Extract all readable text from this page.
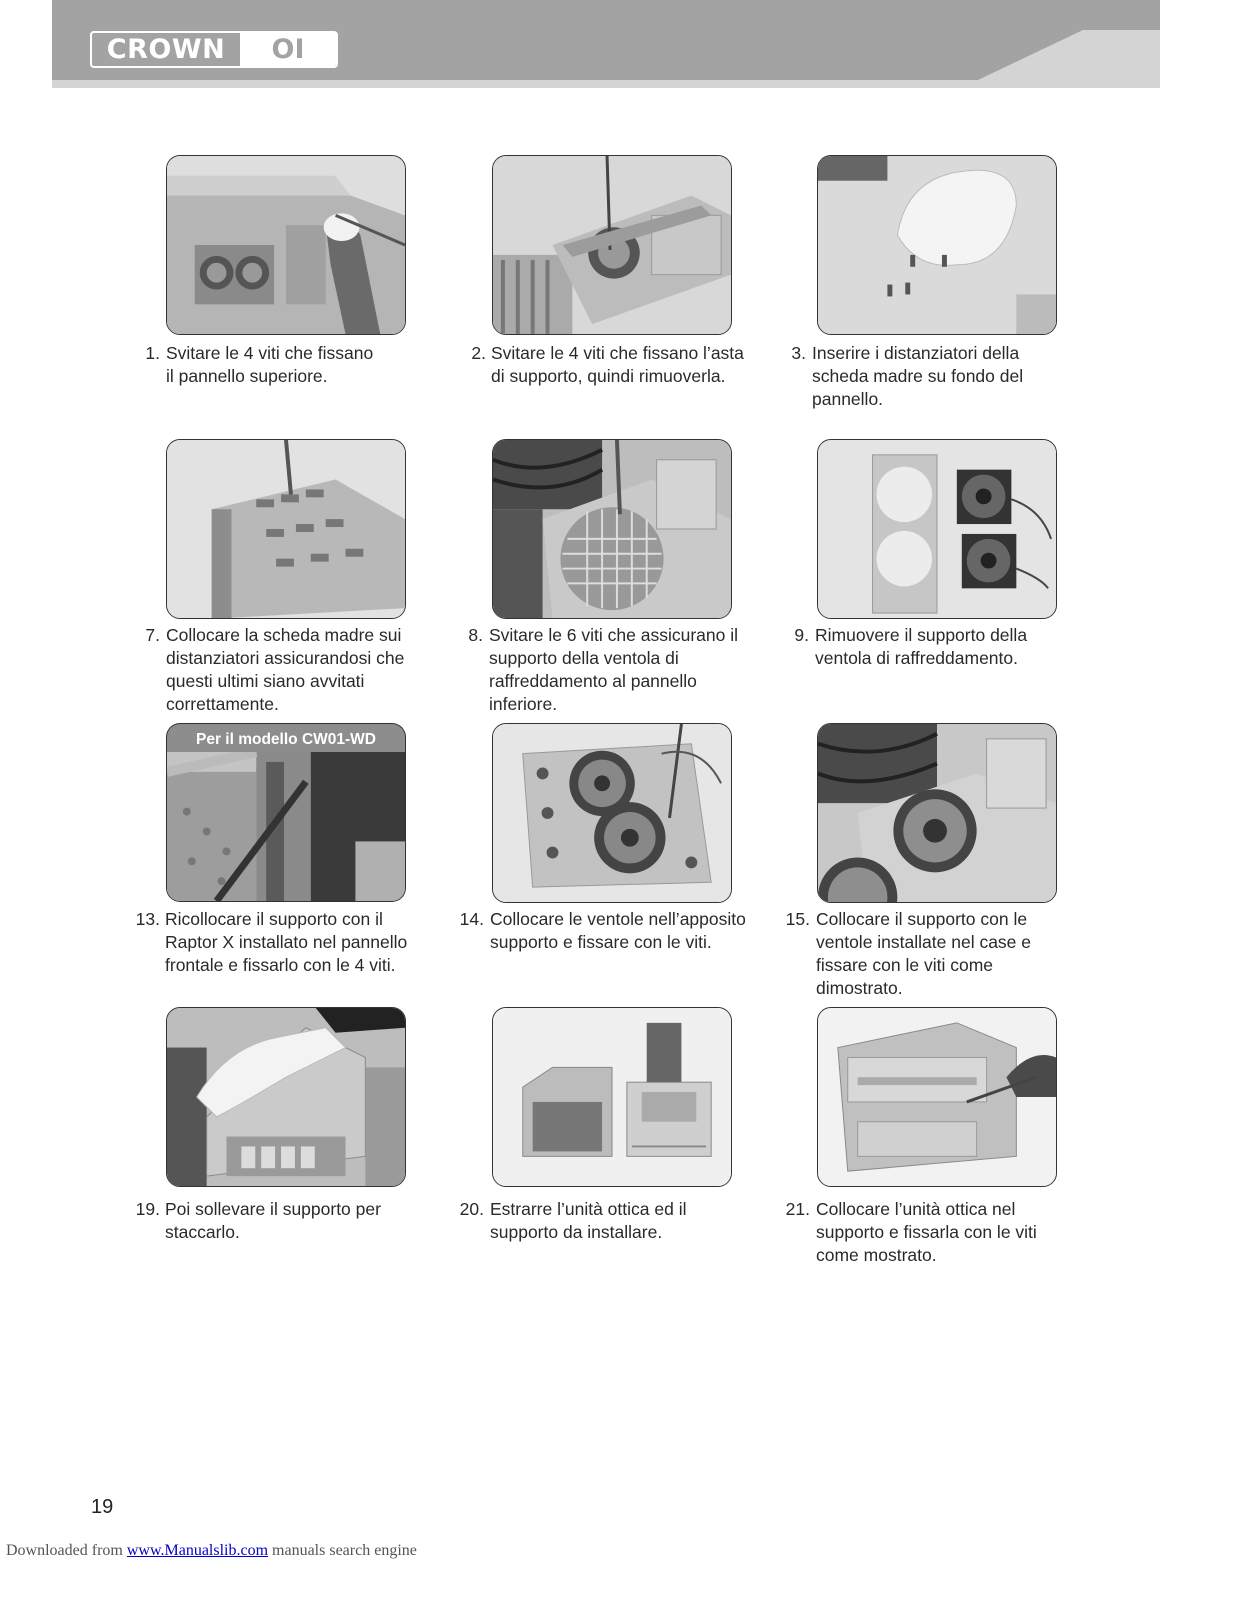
CROWN	OI
1. Svitare le 4 viti che fissano
il pannello superiore.
2. Svitare le 4 viti che fissano l’asta
di supporto, quindi rimuoverla.
3. Inserire i distanziatori della
scheda madre su fondo del
pannello.
7. Collocare la scheda madre sui
distanziatori assicurandosi che
questi ultimi siano avvitati
correttamente.
8. Svitare le 6 viti che assicurano il
supporto della ventola di
raffreddamento al pannello
inferiore.
9. Rimuovere il supporto della
ventola di raffreddamento.
Per il modello CW01-WD
13. Ricollocare il supporto con il
Raptor X installato nel pannello
frontale e fissarlo con le 4 viti.
14. Collocare le ventole nell’apposito
supporto e fissare con le viti.
15. Collocare il supporto con le
ventole installate nel case e
fissare con le viti come
dimostrato.
19. Poi sollevare il supporto per
staccarlo.
20. Estrarre l’unità ottica ed il
supporto da installare.
21. Collocare l’unità ottica nel
supporto e fissarla con le viti
come mostrato.
19
Downloaded from www.Manualslib.com manuals search engine
